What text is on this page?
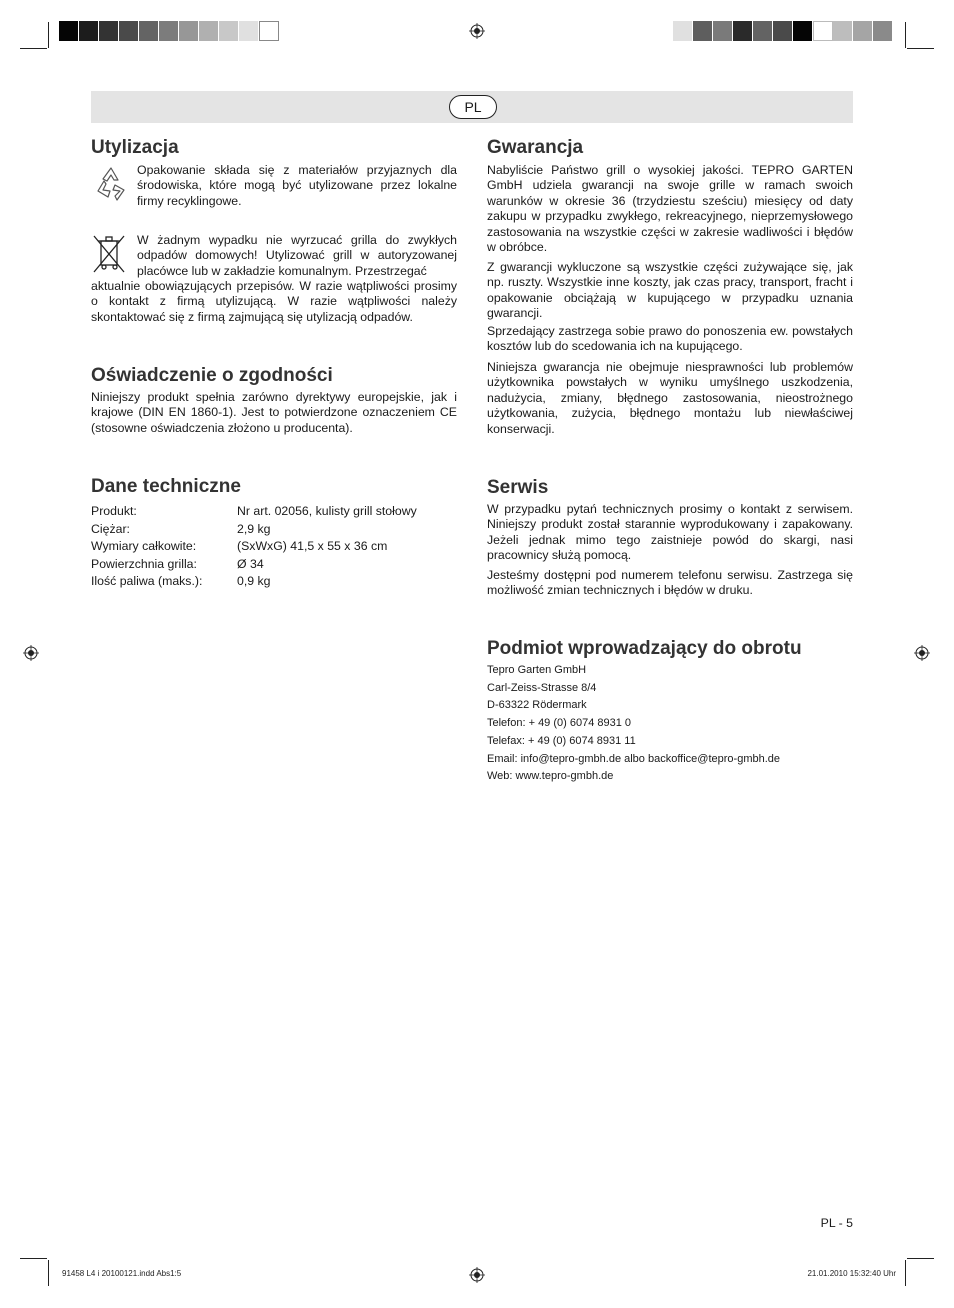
PL
Utylizacja

Opakowanie składa się z materiałów przyjaznych dla środowiska, które mogą być utylizowane przez lokalne firmy recyklingowe.

W żadnym wypadku nie wyrzucać grilla do zwykłych odpadów domowych! Utylizować grill w autoryzowanej placówce lub w zakładzie komunalnym. Przestrzegać

aktualnie obowiązujących przepisów. W razie wątpliwości prosimy o kontakt z firmą utylizującą. W razie wątpliwości należy skontaktować się z firmą zajmującą się utylizacją odpadów.

Oświadczenie o zgodności

Niniejszy produkt spełnia zarówno dyrektywy europejskie, jak i krajowe (DIN EN 1860-1). Jest to potwierdzone oznaczeniem CE (stosowne oświadczenia złożono u producenta).

Dane techniczne
Produkt:	Nr art. 02056, kulisty grill stołowy
Ciężar:	2,9 kg
Wymiary całkowite:	(SxWxG) 41,5 x 55 x 36 cm
Powierzchnia grilla:	Ø 34
Ilość paliwa (maks.):	0,9 kg
Gwarancja

Nabyliście Państwo grill o wysokiej jakości. TEPRO GARTEN GmbH udziela gwarancji na swoje grille w ramach swoich warunków w okresie 36 (trzydziestu sześciu) miesięcy od daty zakupu w przypadku zwykłego, rekreacyjnego, nieprzemysłowego zastosowania na wszystkie części w zakresie wadliwości i błędów w obróbce.

Z gwarancji wykluczone są wszystkie części zużywające się, jak np. ruszty. Wszystkie inne koszty, jak czas pracy, transport, fracht i opakowanie obciążają w kupującego w przypadku uznania gwarancji.

Sprzedający zastrzega sobie prawo do ponoszenia ew. powstałych kosztów lub do scedowania ich na kupującego.

Niniejsza gwarancja nie obejmuje niesprawności lub problemów użytkownika powstałych w wyniku umyślnego uszkodzenia, nadużycia, zmiany, błędnego zastosowania, nieostrożnego użytkowania, zużycia, błędnego montażu lub niewłaściwej konserwacji.

Serwis

W przypadku pytań technicznych prosimy o kontakt z serwisem. Niniejszy produkt został starannie wyprodukowany i zapakowany. Jeżeli jednak mimo tego zaistnieje powód do skargi, nasi pracownicy służą pomocą.

Jesteśmy dostępni pod numerem telefonu serwisu. Zastrzega się możliwość zmian technicznych i błędów w druku.

Podmiot wprowadzający do obrotu
Tepro Garten GmbH
Carl-Zeiss-Strasse 8/4
D-63322 Rödermark
Telefon: + 49 (0) 6074 8931 0
Telefax: + 49 (0) 6074 8931 11
Email: info@tepro-gmbh.de albo backoffice@tepro-gmbh.de
Web: www.tepro-gmbh.de
PL - 5
91458 L4 i 20100121.indd Abs1:5	21.01.2010 15:32:40 Uhr
